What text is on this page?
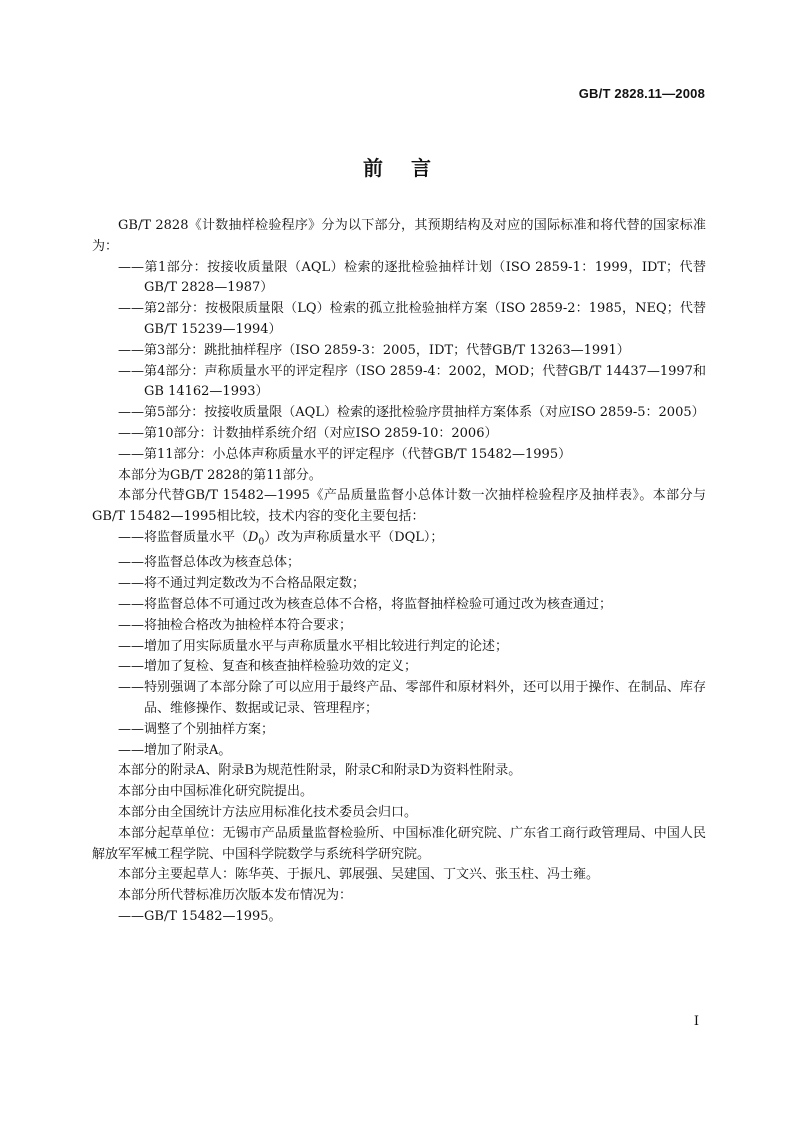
GB/T 2828.11—2008
前言

GB/T 2828《计数抽样检验程序》分为以下部分，其预期结构及对应的国际标准和将代替的国家标准为：

——第1部分：按接收质量限（AQL）检索的逐批检验抽样计划（ISO 2859-1：1999，IDT；代替GB/T 2828—1987）

——第2部分：按极限质量限（LQ）检索的孤立批检验抽样方案（ISO 2859-2：1985，NEQ；代替GB/T 15239—1994）

——第3部分：跳批抽样程序（ISO 2859-3：2005，IDT；代替GB/T 13263—1991）

——第4部分：声称质量水平的评定程序（ISO 2859-4：2002，MOD；代替GB/T 14437—1997和GB 14162—1993）

——第5部分：按接收质量限（AQL）检索的逐批检验序贯抽样方案体系（对应ISO 2859-5：2005）

——第10部分：计数抽样系统介绍（对应ISO 2859-10：2006）

——第11部分：小总体声称质量水平的评定程序（代替GB/T 15482—1995）

本部分为GB/T 2828的第11部分。

本部分代替GB/T 15482—1995《产品质量监督小总体计数一次抽样检验程序及抽样表》。本部分与GB/T 15482—1995相比较，技术内容的变化主要包括：

——将监督质量水平$(D_0)$改为声称质量水平（DQL）；

——将监督总体改为核查总体；

——将不通过判定数改为不合格品限定数；

——将监督总体不可通过改为核查总体不合格，将监督抽样检验可通过改为核查通过；

——将抽检合格改为抽检样本符合要求；

——增加了用实际质量水平与声称质量水平相比较进行判定的论述；

——增加了复检、复查和核查抽样检验功效的定义；

——特别强调了本部分除了可以应用于最终产品、零部件和原材料外，还可以用于操作、在制品、库存品、维修操作、数据或记录、管理程序；

——调整了个别抽样方案；

——增加了附录A。

本部分的附录A、附录B为规范性附录，附录C和附录D为资料性附录。

本部分由中国标准化研究院提出。

本部分由全国统计方法应用标准化技术委员会归口。

本部分起草单位：无锡市产品质量监督检验所、中国标准化研究院、广东省工商行政管理局、中国人民解放军军械工程学院、中国科学院数学与系统科学研究院。

本部分主要起草人：陈华英、于振凡、郭展强、吴建国、丁文兴、张玉柱、冯士雍。

本部分所代替标准历次版本发布情况为：

——GB/T 15482—1995。

I
